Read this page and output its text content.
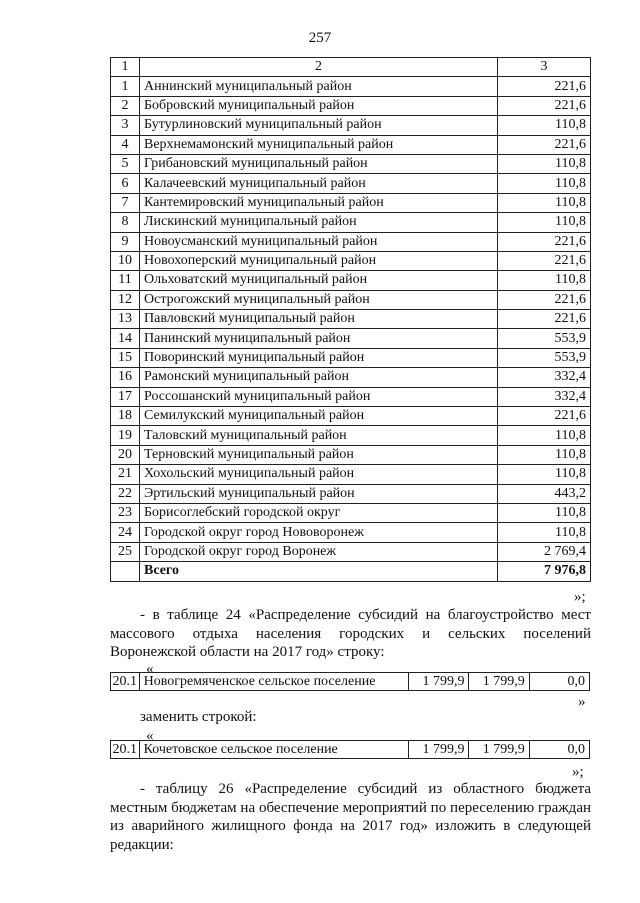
257
1	2	3
1	Аннинский муниципальный район	221,6
2	Бобровский муниципальный район	221,6
3	Бутурлиновский муниципальный район	110,8
4	Верхнемамонский муниципальный район	221,6
5	Грибановский муниципальный район	110,8
6	Калачеевский муниципальный район	110,8
7	Кантемировский муниципальный район	110,8
8	Лискинский муниципальный район	110,8
9	Новоусманский муниципальный район	221,6
10	Новохоперский муниципальный район	221,6
11	Ольховатский муниципальный район	110,8
12	Острогожский муниципальный район	221,6
13	Павловский муниципальный район	221,6
14	Панинский муниципальный район	553,9
15	Поворинский муниципальный район	553,9
16	Рамонский муниципальный район	332,4
17	Россошанский муниципальный район	332,4
18	Семилукский муниципальный район	221,6
19	Таловский муниципальный район	110,8
20	Терновский муниципальный район	110,8
21	Хохольский муниципальный район	110,8
22	Эртильский муниципальный район	443,2
23	Борисоглебский городской округ	110,8
24	Городской округ город Нововоронеж	110,8
25	Городской округ город Воронеж	2 769,4
	Всего	7 976,8
»;
- в таблице 24 «Распределение субсидий на благоустройство мест массового отдыха населения городских и сельских поселений Воронежской области на 2017 год» строку:
«
20.1	Новогремяченское сельское поселение	1 799,9	1 799,9	0,0
»
заменить строкой:
«
20.1	Кочетовское сельское поселение	1 799,9	1 799,9	0,0
»;
- таблицу 26 «Распределение субсидий из областного бюджета местным бюджетам на обеспечение мероприятий по переселению граждан из аварийного жилищного фонда на 2017 год» изложить в следующей редакции:
